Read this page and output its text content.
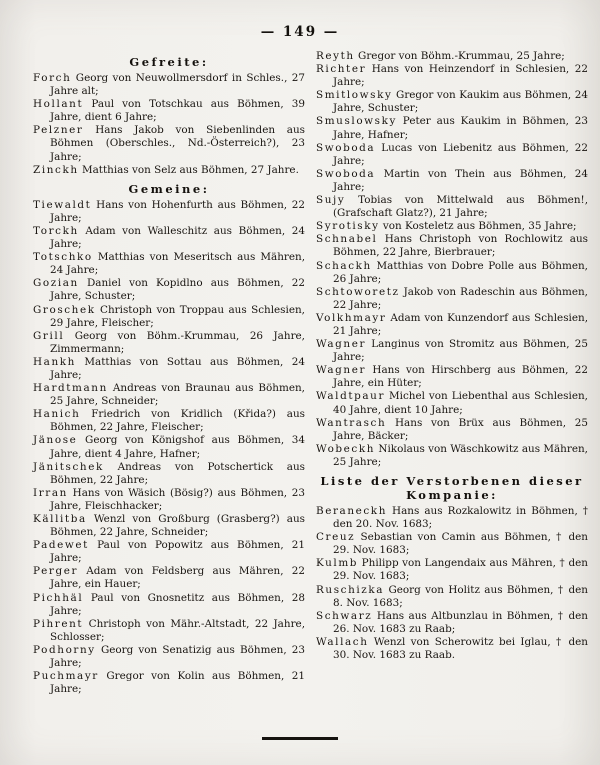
— 149 —
Gefreite:

Forch Georg von Neuwollmersdorf in Schles., 27 Jahre alt;

Hollant Paul von Totschkau aus Böhmen, 39 Jahre, dient 6 Jahre;

Pelzner Hans Jakob von Siebenlinden aus Böhmen (Oberschles., Nd.-Österreich?), 23 Jahre;

Zinckh Matthias von Selz aus Böhmen, 27 Jahre.

Gemeine:

Tiewaldt Hans von Hohenfurth aus Böhmen, 22 Jahre;

Torckh Adam von Walleschitz aus Böhmen, 24 Jahre;

Totschko Matthias von Meseritsch aus Mähren, 24 Jahre;

Gozian Daniel von Kopidlno aus Böhmen, 22 Jahre, Schuster;

Groschek Christoph von Troppau aus Schlesien, 29 Jahre, Fleischer;

Grill Georg von Böhm.-Krummau, 26 Jahre, Zimmermann;

Hankh Matthias von Sottau aus Böhmen, 24 Jahre;

Hardtmann Andreas von Braunau aus Böhmen, 25 Jahre, Schneider;

Hanich Friedrich von Kridlich (Křida?) aus Böhmen, 22 Jahre, Fleischer;

Jänose Georg von Königshof aus Böhmen, 34 Jahre, dient 4 Jahre, Hafner;

Jänitschek Andreas von Potschertick aus Böhmen, 22 Jahre;

Irran Hans von Wäsich (Bösig?) aus Böhmen, 23 Jahre, Fleischhacker;

Källitba Wenzl von Großburg (Grasberg?) aus Böhmen, 22 Jahre, Schneider;

Padewet Paul von Popowitz aus Böhmen, 21 Jahre;

Perger Adam von Feldsberg aus Mähren, 22 Jahre, ein Hauer;

Pichhäl Paul von Gnosnetitz aus Böhmen, 28 Jahre;

Pihrent Christoph von Mähr.-Altstadt, 22 Jahre, Schlosser;

Podhorny Georg von Senatizig aus Böhmen, 23 Jahre;

Puchmayr Gregor von Kolin aus Böhmen, 21 Jahre;

Reyth Gregor von Böhm.-Krummau, 25 Jahre;

Richter Hans von Heinzendorf in Schlesien, 22 Jahre;

Smitlowsky Gregor von Kaukim aus Böhmen, 24 Jahre, Schuster;

Smuslowsky Peter aus Kaukim in Böhmen, 23 Jahre, Hafner;

Swoboda Lucas von Liebenitz aus Böhmen, 22 Jahre;

Swoboda Martin von Thein aus Böhmen, 24 Jahre;

Sujy Tobias von Mittelwald aus Böhmen!, (Grafschaft Glatz?), 21 Jahre;

Syrotisky von Kosteletz aus Böhmen, 35 Jahre;

Schnabel Hans Christoph von Rochlowitz aus Böhmen, 22 Jahre, Bierbrauer;

Schackh Matthias von Dobre Polle aus Böhmen, 26 Jahre;

Schtoworetz Jakob von Radeschin aus Böhmen, 22 Jahre;

Volkhmayr Adam von Kunzendorf aus Schlesien, 21 Jahre;

Wagner Langinus von Stromitz aus Böhmen, 25 Jahre;

Wagner Hans von Hirschberg aus Böhmen, 22 Jahre, ein Hüter;

Waldtpaur Michel von Liebenthal aus Schlesien, 40 Jahre, dient 10 Jahre;

Wantrasch Hans von Brüx aus Böhmen, 25 Jahre, Bäcker;

Wobeckh Nikolaus von Wäschkowitz aus Mähren, 25 Jahre;

Liste der Verstorbenen dieser Kompanie:

Beraneckh Hans aus Rozkalowitz in Böhmen, † den 20. Nov. 1683;

Creuz Sebastian von Camin aus Böhmen, † den 29. Nov. 1683;

Kulmb Philipp von Langendaix aus Mähren, † den 29. Nov. 1683;

Ruschizka Georg von Holitz aus Böhmen, † den 8. Nov. 1683;

Schwarz Hans aus Altbunzlau in Böhmen, † den 26. Nov. 1683 zu Raab;

Wallach Wenzl von Scherowitz bei Iglau, † den 30. Nov. 1683 zu Raab.
